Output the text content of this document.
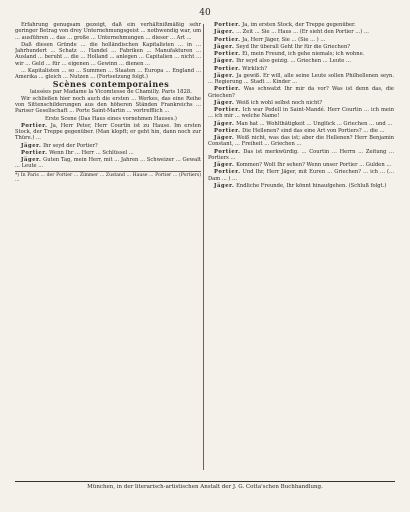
40

Erfahrung genugsam gezeigt, daß ein verhältnißmäßig sehr geringer Betrag von drey Unternehmungsgeist ... nothwendig war, um ... ausführen ... das ... große ... Unternehmungen ... dieser ... Art ...

Daß diesen Gründe ... die holländischen Kapitalisten ... in ... Jahrhundert ... Schatz ... Handel ... Fabriken ... Manufakturen ... Ausland ... beruht ... die ... Holland ... anlegen ... Capitalien ... nicht ... wir ... Geld ... für ... eigenen ... Gewinn ... dienen ...

... Kapitalisten ... so ... Summen ... Staaten ... Europa ... England ... Amerika ... gleich ... Nutzen ... (Fortsetzung folgt.)

Scènes contemporaines

laissées par Madame la Vicomtesse de Chamilly. Paris 1828.

Wir schließen hier noch auch die ersten ... Werkes, das eine Reihe von Sittenschilderungen aus den höheren Ständen Frankreichs ... Pariser Gesellschaft ... Porte Saint-Martin ... vortrefflich ...

Erste Scene (Das Haus eines vornehmen Hauses.)

Portier. Ja, Herr Peter, Herr Courtin ist zu Hause. Im ersten Stock, der Treppe gegenüber. (Man klopft; er geht hin, dann noch zur Thüre.) ...

Jäger. Ihr seyd der Portier?

Portier. Wenn Ihr ... Herr ... Schlüssel ...

Jäger. Guten Tag, mein Herr, mit ... Jahren ... Schweizer ... Gewalt ... Leute ...

*) In Paris ... der Portier ... Zimmer ... Zustand ... Hause ... Portier ... (Portiers) ...

Portier. Ja, im ersten Stock, der Treppe gegenüber.

Jäger. ... Zeit ... Sie ... Haus ... (Er sieht den Portier ...) ...

Portier. Ja, Herr Jäger, Sie ... (Sie ... ) ...

Jäger. Seyd Ihr überall Geht Ihr für die Griechen?

Portier. Ei, mein Freund, ich gehe niemals; ich wohne.

Jäger. Ihr seyd also geizig. ... Griechen ... Leute ...

Portier. Wirklich?

Jäger. Ja gewiß. Er will, alle seine Leute sollen Philhellenen seyn. ... Regierung ... Stadt ... Kinder ...

Portier. Was schwatzt Ihr mir da vor? Was ist denn das, die Griechen?

Jäger. Weiß ich wohl selbst noch nicht?

Portier. Ich war Pedell in Saint-Mandé. Herr Courtin ... ich mein ... ich mir ... welche Name!

Jäger. Man hat ... Wohlthätigkeit ... Unglück ... Griechen ... und ...

Portier. Die Hellenen? sind das eine Art von Portiers? ... die ...

Jäger. Weiß nicht, was das ist; aber die Hellenen? Herr Benjamin Constant, ... Freiheit ... Griechen ...

Portier. Das ist merkwürdig. ... Courtin ... Herrn ... Zeitung ... Portiers ...

Jäger. Kommen? Wolt Ihr sehen? Wenn unser Portier ... Gulden ...

Portier. Und Ihr, Herr Jäger, mit Euren ... Griechen? ... ich ... (... Dam ... ) ...

Jäger. Endliche Freunde, Ihr könnt hinaufgehen. (Schluß folgt.)

München, in der literarisch-artistischen Anstalt der J. G. Cotta'schen Buchhandlung.
